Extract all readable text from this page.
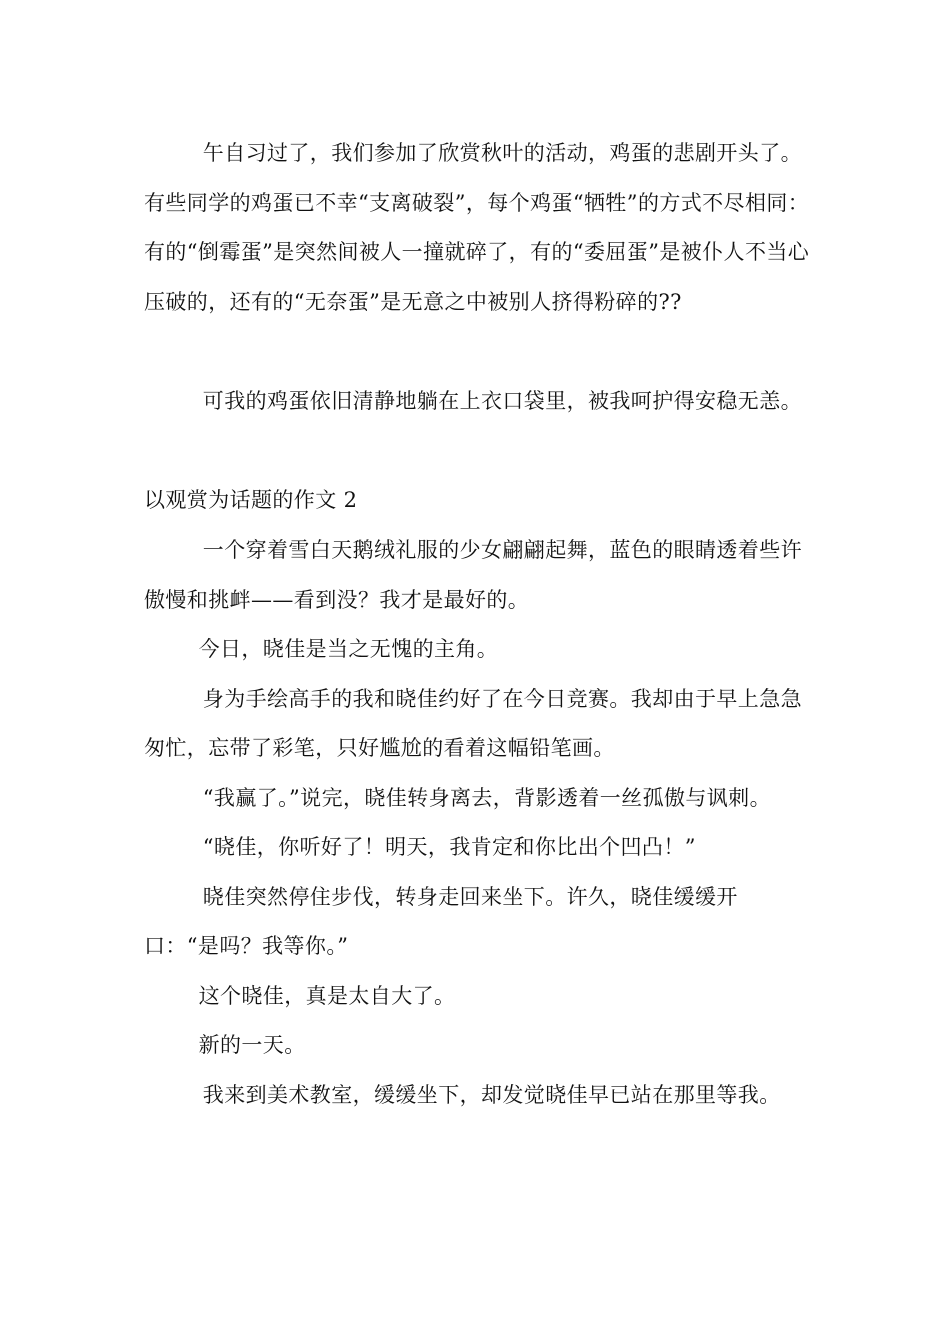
午自习过了，我们参加了欣赏秋叶的活动，鸡蛋的悲剧开头了。有些同学的鸡蛋已不幸“支离破裂”，每个鸡蛋“牺牲”的方式不尽相同：有的“倒霉蛋”是突然间被人一撞就碎了，有的“委屈蛋”是被仆人不当心压破的，还有的“无奈蛋”是无意之中被别人挤得粉碎的??

可我的鸡蛋依旧清静地躺在上衣口袋里，被我呵护得安稳无恙。

以观赏为话题的作文 2

一个穿着雪白天鹅绒礼服的少女翩翩起舞，蓝色的眼睛透着些许傲慢和挑衅——看到没？我才是最好的。

今日，晓佳是当之无愧的主角。

身为手绘高手的我和晓佳约好了在今日竞赛。我却由于早上急急匆忙，忘带了彩笔，只好尴尬的看着这幅铅笔画。

“我赢了。”说完，晓佳转身离去，背影透着一丝孤傲与讽刺。

“晓佳，你听好了！明天，我肯定和你比出个凹凸！”

晓佳突然停住步伐，转身走回来坐下。许久，晓佳缓缓开口：“是吗？我等你。”

这个晓佳，真是太自大了。

新的一天。

我来到美术教室，缓缓坐下，却发觉晓佳早已站在那里等我。
